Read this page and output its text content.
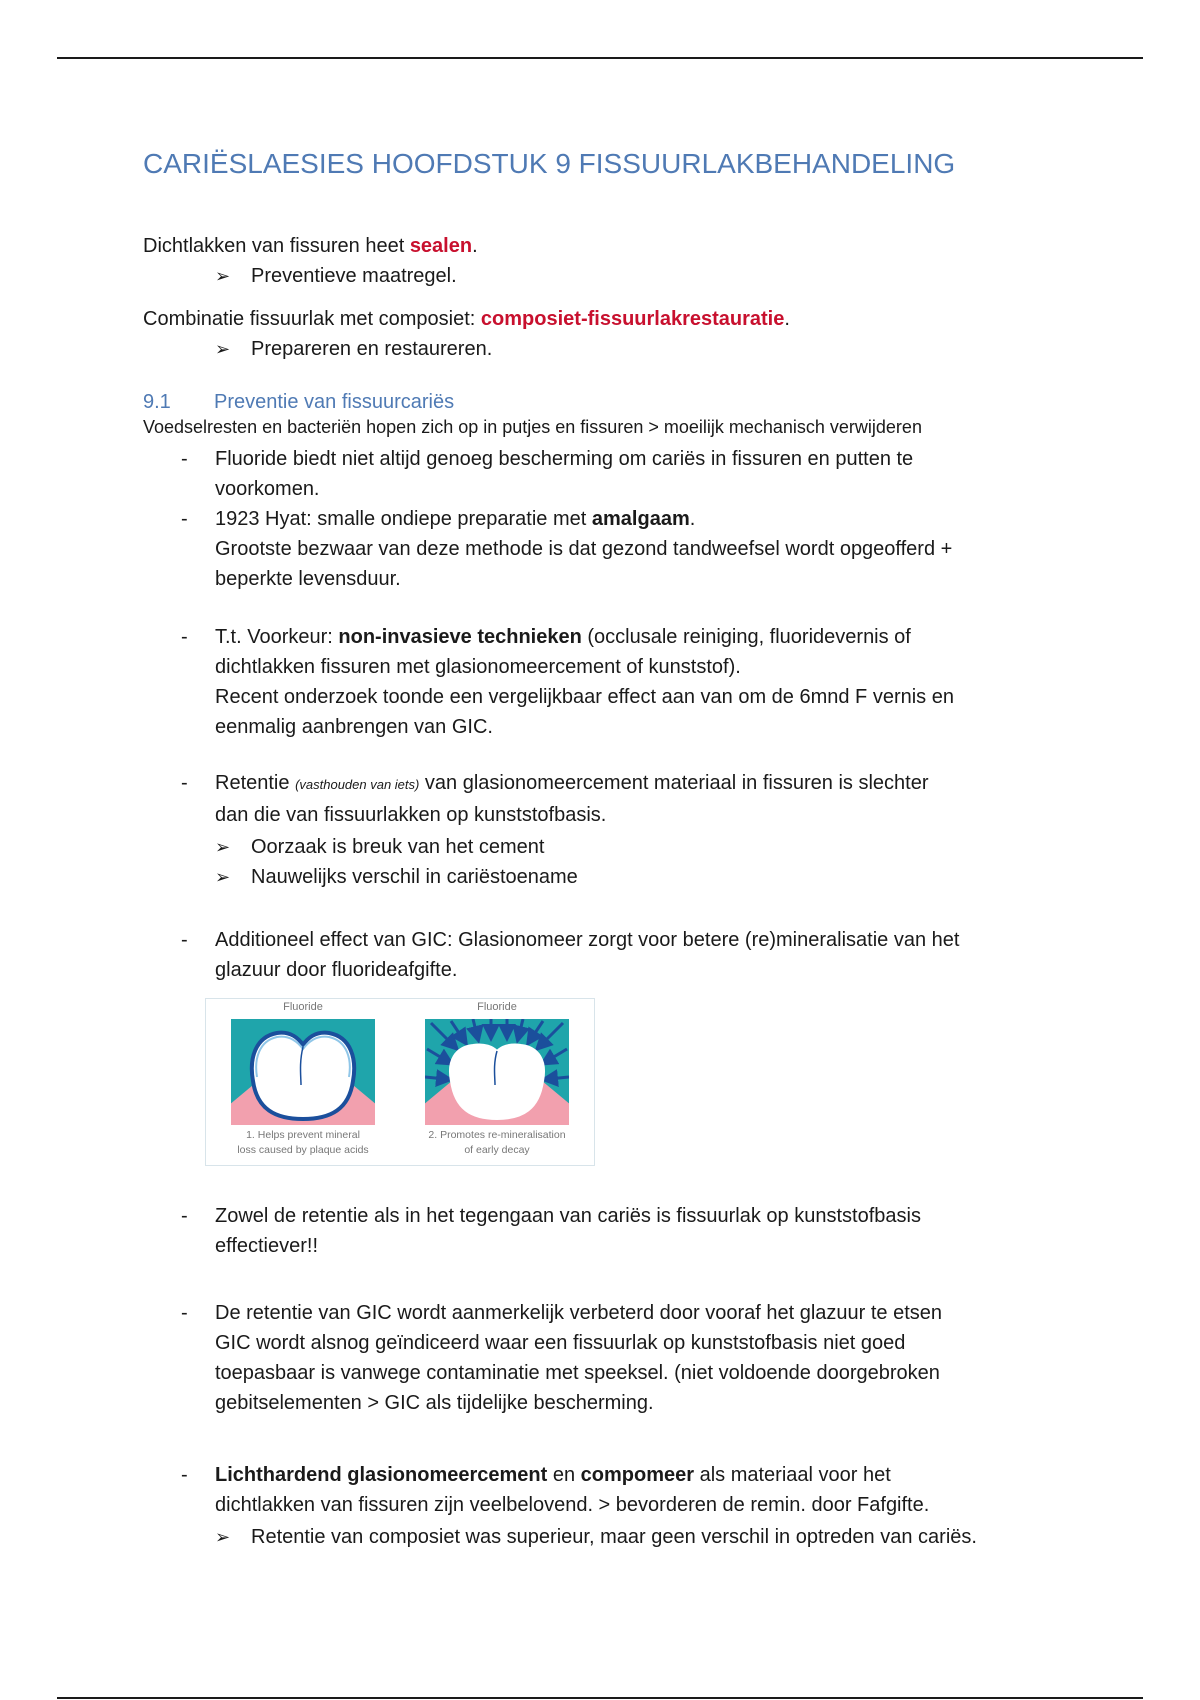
CARIËSLAESIES HOOFDSTUK 9 FISSUURLAKBEHANDELING
Dichtlakken van fissuren heet sealen.
➢ Preventieve maatregel.
Combinatie fissuurlak met composiet: composiet-fissuurlakrestauratie.
➢ Prepareren en restaureren.
9.1 Preventie van fissuurcariës
Voedselresten en bacteriën hopen zich op in putjes en fissuren > moeilijk mechanisch verwijderen
- Fluoride biedt niet altijd genoeg bescherming om cariës in fissuren en putten te
voorkomen.
- 1923 Hyat: smalle ondiepe preparatie met amalgaam.
Grootste bezwaar van deze methode is dat gezond tandweefsel wordt opgeofferd +
beperkte levensduur.
- T.t. Voorkeur: non-invasieve technieken (occlusale reiniging, fluoridevernis of
dichtlakken fissuren met glasionomeercement of kunststof).
Recent onderzoek toonde een vergelijkbaar effect aan van om de 6mnd F vernis en
eenmalig aanbrengen van GIC.
- Retentie (vasthouden van iets) van glasionomeercement materiaal in fissuren is slechter
dan die van fissuurlakken op kunststofbasis.
➢ Oorzaak is breuk van het cement
➢ Nauwelijks verschil in cariëstoename
- Additioneel effect van GIC: Glasionomeer zorgt voor betere (re)mineralisatie van het
glazuur door fluorideafgifte.
- Zowel de retentie als in het tegengaan van cariës is fissuurlak op kunststofbasis
effectiever!!
- De retentie van GIC wordt aanmerkelijk verbeterd door vooraf het glazuur te etsen
GIC wordt alsnog geïndiceerd waar een fissuurlak op kunststofbasis niet goed
toepasbaar is vanwege contaminatie met speeksel. (niet voldoende doorgebroken
gebitselementen > GIC als tijdelijke bescherming.
- Lichthardend glasionomeercement en compomeer als materiaal voor het
dichtlakken van fissuren zijn veelbelovend. > bevorderen de remin. door Fafgifte.
➢ Retentie van composiet was superieur, maar geen verschil in optreden van cariës.
Fluoride
1. Helps prevent mineral
loss caused by plaque acids
Fluoride
2. Promotes re-mineralisation
of early decay
